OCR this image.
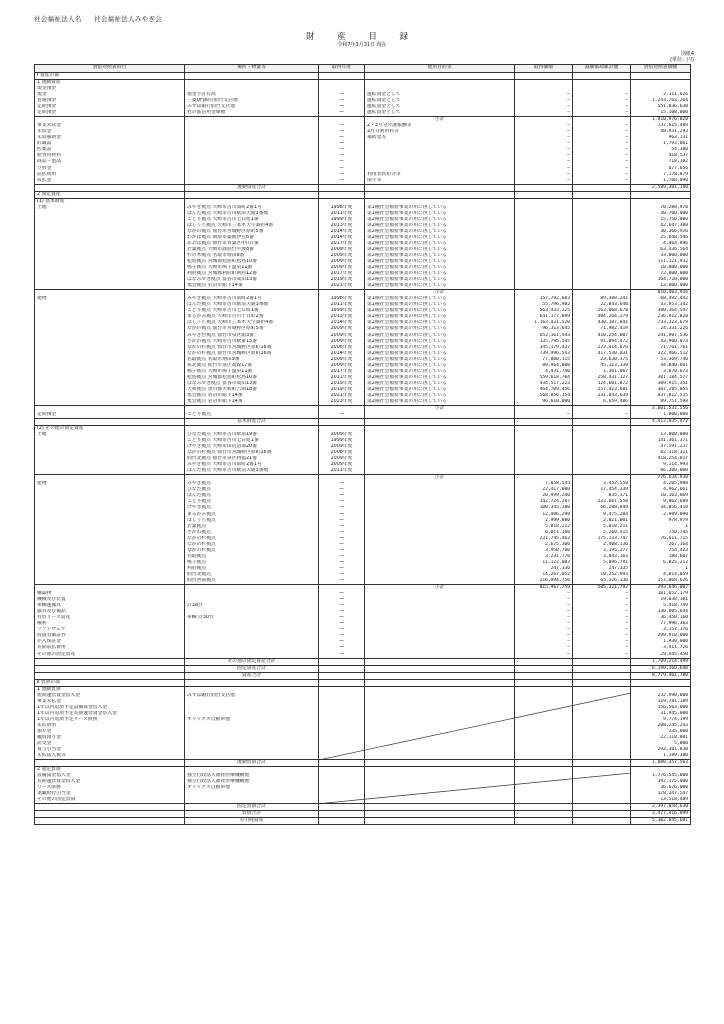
社会福祉法人名 社会福祉法人みやぎ会
財 産 目 録
令和7年3月31日 現在
別紙4
(単位：円)
貸借対照表科目	場所・物量等	取得年度	使用目的等	取得価額	減価償却累計額	貸借対照表価額
Ⅰ 資産の部						
1 流動資産						
現金預金						
現金	現金手許有高	—	運転資金として	—	—	2,111,626
普通預金	三菱UFJ銀行仙台支店他	—	運転資金として	—	—	1,243,763,264
定期預金	みずほ銀行仙台支店他	—	運転資金として	—	—	551,036,630
定期預金	杜の都信用金庫他	—	運転資金として	—	—	15,100,000
			小計			1,810,976,020
事業未収金		—	2・3月分介護報酬等	—	—	737,615,409
未収金		—	2月分利用料等	—	—	49,931,293
未収補助金		—	補助金等	—	—	963,131
貯蔵品		—		—	—	1,793,061
医薬品		—		—	—	54,300
給食用材料		—		—	—	418,537
商品・製品		—		—	—	718,102
立替金		—		—	—	677,656
前払費用		—	利用者負担分等	—	—	7,178,879
仮払金		—	保守等	—	—	1,708,090
	流動資産合計					2,589,301,140
2 固定資産						
(1) 基本財産						
土地	みやぎ拠点 大崎市古川南町2番1号	1998年度	第1種社会福祉事業の用に供している			70,288,970
	ぱんだ拠点 大崎市古川駅前大通3番地	2011年度	第1種社会福祉事業の用に供している			30,700,000
	ことり拠点 大崎市古川七日町1番	1999年度	第2種社会福祉事業の用に供している			15,750,000
	はしうち拠点 大崎市三本木大字桑折4番	2013年度	第2種社会福祉事業の用に供している			42,647,388
	なかの拠点 仙台市宮城野区原町5番	2014年度	第2種社会福祉事業の用に供している			30,366,926
	わかば拠点 栗原市築館伊豆6番	2014年度	第2種社会福祉事業の用に供している			25,648,546
	あおば拠点 仙台市青葉区中山7番	2017年度	第2種社会福祉事業の用に供している			4,464,896
	若葉拠点 大崎市鹿島台平渡8番	2009年度	第2種社会福祉事業の用に供している			63,436,564
	杉の木拠点 名取市増田9番	2009年度	第2種社会福祉事業の用に供している			33,000,000
	松島拠点 宮城郡松島町松島10番	2009年度	第2種社会福祉事業の用に供している			111,121,932
	鳴子拠点 大崎市鳴子温泉11番	2009年度	第2種社会福祉事業の用に供している			10,000,000
	利府拠点 宮城郡利府町利府12番	2017年度	第2種社会福祉事業の用に供している			72,000,000
	はなみずき拠点 富谷市成田13番	2019年度	第2種社会福祉事業の用に供している			164,720,000
	集会拠点 岩沼市館下14番	2021年度	第2種社会福祉事業の用に供している			13,000,000
			小計			810,403,916
建物	みやぎ拠点 大崎市古川南町2番1号	1998年度	第1種社会福祉事業の用に供している	157,792,683	89,300,241	68,492,442
	ぱんだ拠点 大崎市古川駅前大通3番地	2011年度	第1種社会福祉事業の用に供している	55,796,982	22,843,640	33,953,342
	ことり拠点 大崎市古川七日町1番	1999年度	第2種社会福祉事業の用に供している	563,433,225	263,068,678	300,364,547
	まるかみ拠点 大崎市古川十日町2番	2013年度	第2種社会福祉事業の用に供している	641,177,099	404,264,279	236,912,820
	はしうち拠点 大崎市三本木大字桑折4番	2014年度	第2種社会福祉事業の用に供している	1,163,431,520	430,107,841	733,323,679
	なかの拠点 仙台市宮城野区原町5番	2009年度	第2種社会福祉事業の用に供している	96,313,645	71,982,419	24,331,226
	みやぎ台拠点 仙台市泉区館3番	2009年度	第2種社会福祉事業の用に供している	652,161,543	410,254,007	241,907,536
	さかわ拠点 大崎市古川駅東15番	2009年度	第2種社会福祉事業の用に供している	135,795,545	91,894,472	43,900,073
	なかの杉拠点 仙台市宮城野区原町16番	2008年度	第2種社会福祉事業の用に供している	345,179,437	273,414,676	71,761,761
	なかの杉拠点 仙台市宮城野区原町16番	2014年度	第2種社会福祉事業の用に供している	739,996,543	417,530,031	322,466,512
	名取拠点 名取市増田9番	2009年度	第2種社会福祉事業の用に供している	77,000,115	23,630,375	53,369,740
	泉北拠点 仙台市泉区高森17番	2009年度	第2種社会福祉事業の用に供している	89,964,000	45,123,339	44,840,661
	鳴子拠点 大崎市鳴子温泉11番	2017年度	第2種社会福祉事業の用に供している	4,431,740	1,361,067	3,070,673
	松島拠点 宮城郡松島町松島10番	2011年度	第2種社会福祉事業の用に供している	559,618,704	258,431,127	301,184,577
	はなみずき拠点 富谷市成田13番	2019年度	第2種社会福祉事業の用に供している	434,517,223	124,601,872	309,915,351
	大和拠点 黒川郡大和町吉岡18番	2019年度	第2種社会福祉事業の用に供している	464,709,456	157,423,601	307,285,855
	集会拠点 岩沼市館下14番	2021年度	第2種社会福祉事業の用に供している	568,856,154	131,043,639	437,812,515
	集会拠点 岩沼市館下14番	2023年度	第2種社会福祉事業の用に供している	96,610,000	6,659,406	89,751,598
			小計			3,601,531,556
定期預金	ことり拠点	—		—	—	1,000,000
	基本財産合計					4,412,935,472
(2) その他の固定資産						
土地	ひなた拠点 大崎市古川駅南19番	2009年度				13,000,000
	ことり拠点 大崎市古川七日町1番	1999年度				141,361,371
	けやき拠点 大崎市田尻沼部20番	2009年度				47,591,237
	なかの杉拠点 仙台市宮城野区原町16番	2008年度				82,118,321
	仙台北拠点 仙台市泉区将監21番	2009年度				418,254,017
	みやぎ拠点 大崎市古川南町2番1号	2009年度				9,114,993
	ぱんだ拠点 大崎市古川駅前大通3番地	2011年度				66,300,000
			小計			776,634,930
建物	みやぎ拠点	—		7,058,545	3,452,558	4,205,988
	ひなた拠点	—		22,417,000	17,454,339	4,962,661
	ぱんだ拠点	—		20,999,240	835,371	10,163,869
	ことり拠点	—		142,724,287	133,661,558	9,062,689
	けやき拠点	—		100,345,200	66,288,849	34,056,410
	まるかみ拠点	—		12,406,298	9,475,204	2,989,090
	はしうち拠点	—		2,999,980	2,021,001	978,979
	若葉拠点	—		5,018,212	5,018,211	1
	さかわ拠点	—		6,011,160	5,260,415	750,745
	なかの杉拠点	—		231,745,462	175,133,747	76,611,715
	なかの杉拠点	—		2,675,300	2,408,136	267,164
	なかの杉拠点	—		3,950,700	3,195,277	754,423
	名取拠点	—		3,231,770	3,043,163	188,607
	鳴子拠点	—		11,122,003	5,096,791	6,025,212
	利府拠点	—		247,336	247,335	1
	仙台北拠点	—		14,267,052	10,252,993	4,014,059
	仙台西部拠点	—		216,994,756	65,126,130	151,868,626
			小計	815,967,759	505,321,792	293,646,007
構築物		—		—	—	101,652,179
機械及び装置		—		—	—	19,038,101
車輌運搬具	計38台	—		—	—	5,418,749
器具及び備品		—		—	—	130,005,644
有形リース資産	車輌 計30台	—		—	—	36,450,160
権利		—		—	—	77,996,363
ソフトウェア		—		—	—	3,157,176
投資有価証券		—		—	—	299,910,000
差入保証金		—		—	—	1,930,000
長期前払費用		—		—	—	3,411,726
その他の固定資産		—		—	—	29,445,450
	その他の固定資産合計					1,709,214,499
	固定資産合計					6,190,160,640
	資産合計					8,779,461,780
Ⅱ 負債の部						
1 流動負債						
短期運営資金借入金	みずほ銀行仙台支店他					232,990,000
事業未払金						119,781,189
1年以内返済予定設備資金借入金						156,563,000
1年以内返済予定長期運営資金借入金						31,945,000
1年以内返済予定リース債務	オリックス自動車他					9,774,199
未払費用						208,245,243
預り金						235,000
職員預り金						22,118,801
前受金						5,000
賞与引当金						293,301,830
未払法人税等						1,189,300
	流動負債合計					1,080,357,563
2 固定負債						
設備資金借入金	独立行政法人福祉医療機構他					1,776,545,000
長期運営資金借入金	独立行政法人福祉医療機構他					392,175,000
リース債務	オリックス自動車他					36,676,000
退職給付引当金						178,347,547
その他の固定負債						13,518,489
	固定負債合計					2,397,058,630
	負債合計					3,477,416,099
	差引純資産					5,302,045,681
